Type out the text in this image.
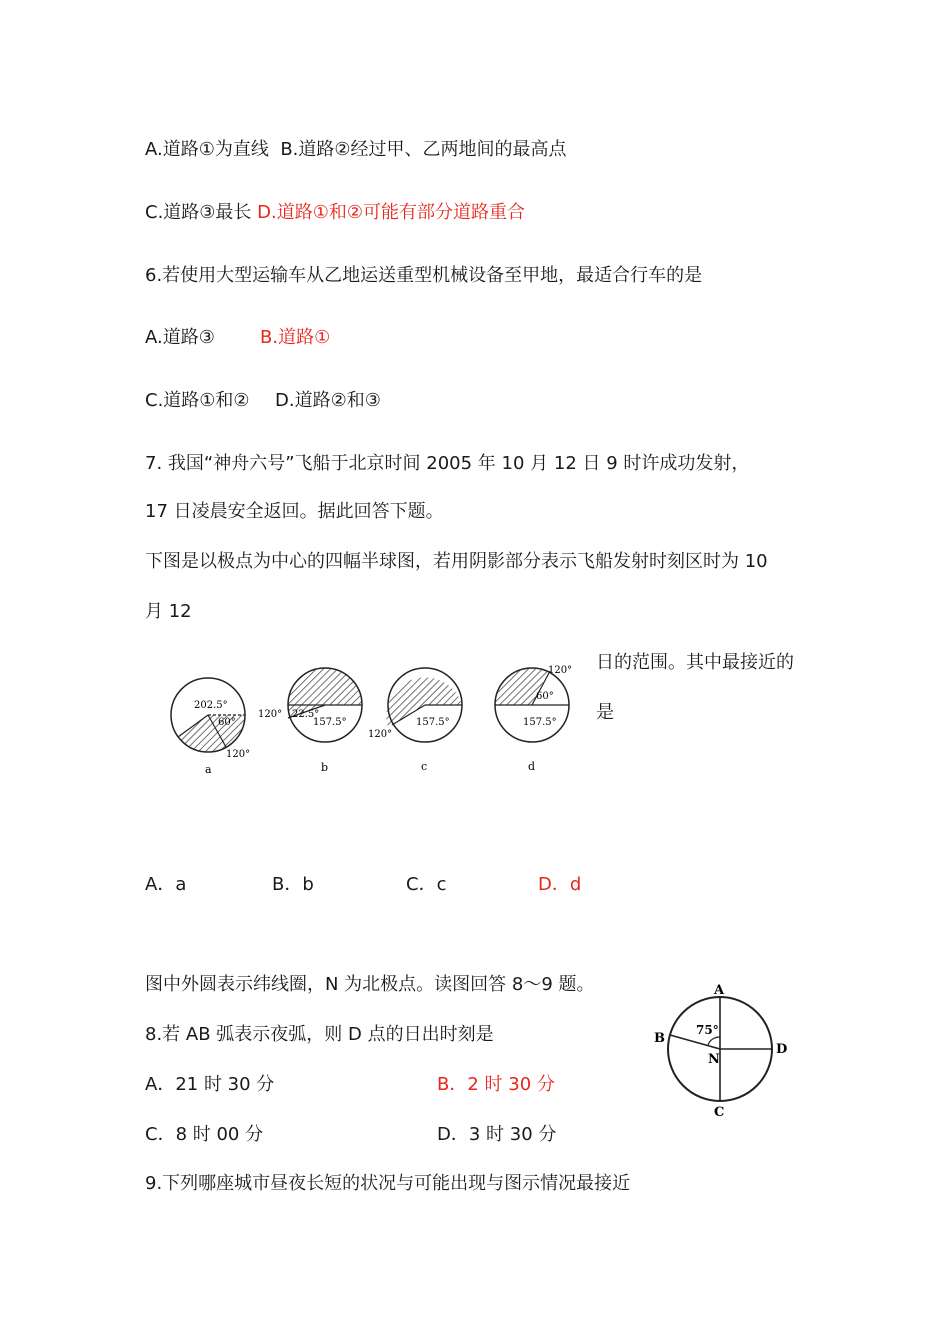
A.道路①为直线 B.道路②经过甲、乙两地间的最高点
C.道路③最长 D.道路①和②可能有部分道路重合
6.若使用大型运输车从乙地运送重型机械设备至甲地，最适合行车的是
A.道路③	B.道路①
C.道路①和② D.道路②和③
7. 我国“神舟六号”飞船于北京时间 2005 年 10 月 12 日 9 时许成功发射，
17 日凌晨安全返回。据此回答下题。
下图是以极点为中心的四幅半球图，若用阴影部分表示飞船发射时刻区时为 10
月 12
日的范围。其中最接近的
是
202.5°
60°
120°
a
120° 22.5°
157.5°
b
120°
157.5°
c
120°
60°
157.5°
d
A．a	B．b	C．c	D．d
图中外圆表示纬线圈，N 为北极点。读图回答 8～9 题。
8.若 AB 弧表示夜弧，则 D 点的日出时刻是
A．21 时 30 分	B．2 时 30 分
C．8 时 00 分	D．3 时 30 分
A
B
C
D
N
75°
9.下列哪座城市昼夜长短的状况与可能出现与图示情况最接近
